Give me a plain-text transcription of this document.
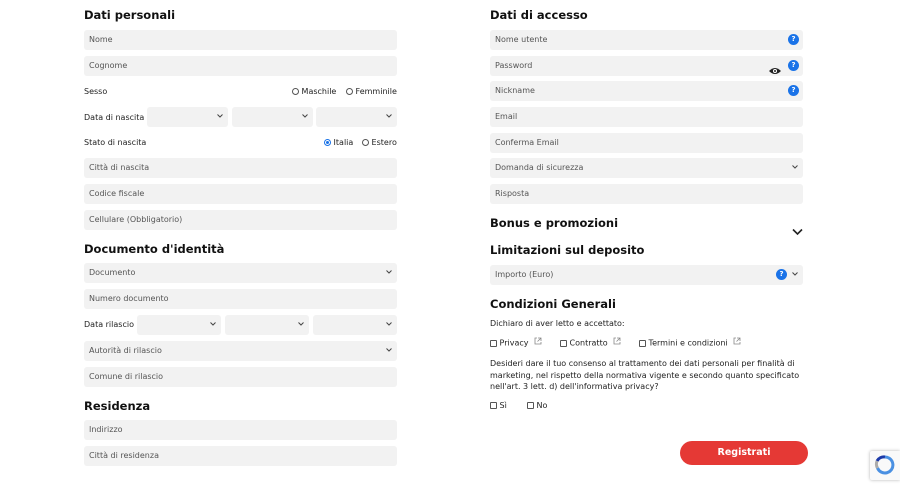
Dati personali
Nome
Cognome
Sesso	Maschile	Femminile
Data di nascita
Stato di nascita	Italia	Estero
Città di nascita
Codice fiscale
Cellulare (Obbligatorio)
Documento d'identità
Documento
Numero documento
Data rilascio
Autorità di rilascio
Comune di rilascio
Residenza
Indirizzo
Città di residenza
Dati di accesso
Nome utente	?
Password	?
Nickname	?
Email
Conferma Email
Domanda di sicurezza
Risposta
Bonus e promozioni
Limitazioni sul deposito
Importo (Euro)	?
Condizioni Generali
Dichiaro di aver letto e accettato:
Privacy	Contratto	Termini e condizioni
Desideri dare il tuo consenso al trattamento dei dati personali per finalità di marketing, nel rispetto della normativa vigente e secondo quanto specificato nell'art. 3 lett. d) dell'informativa privacy?
Sì	No
Registrati
